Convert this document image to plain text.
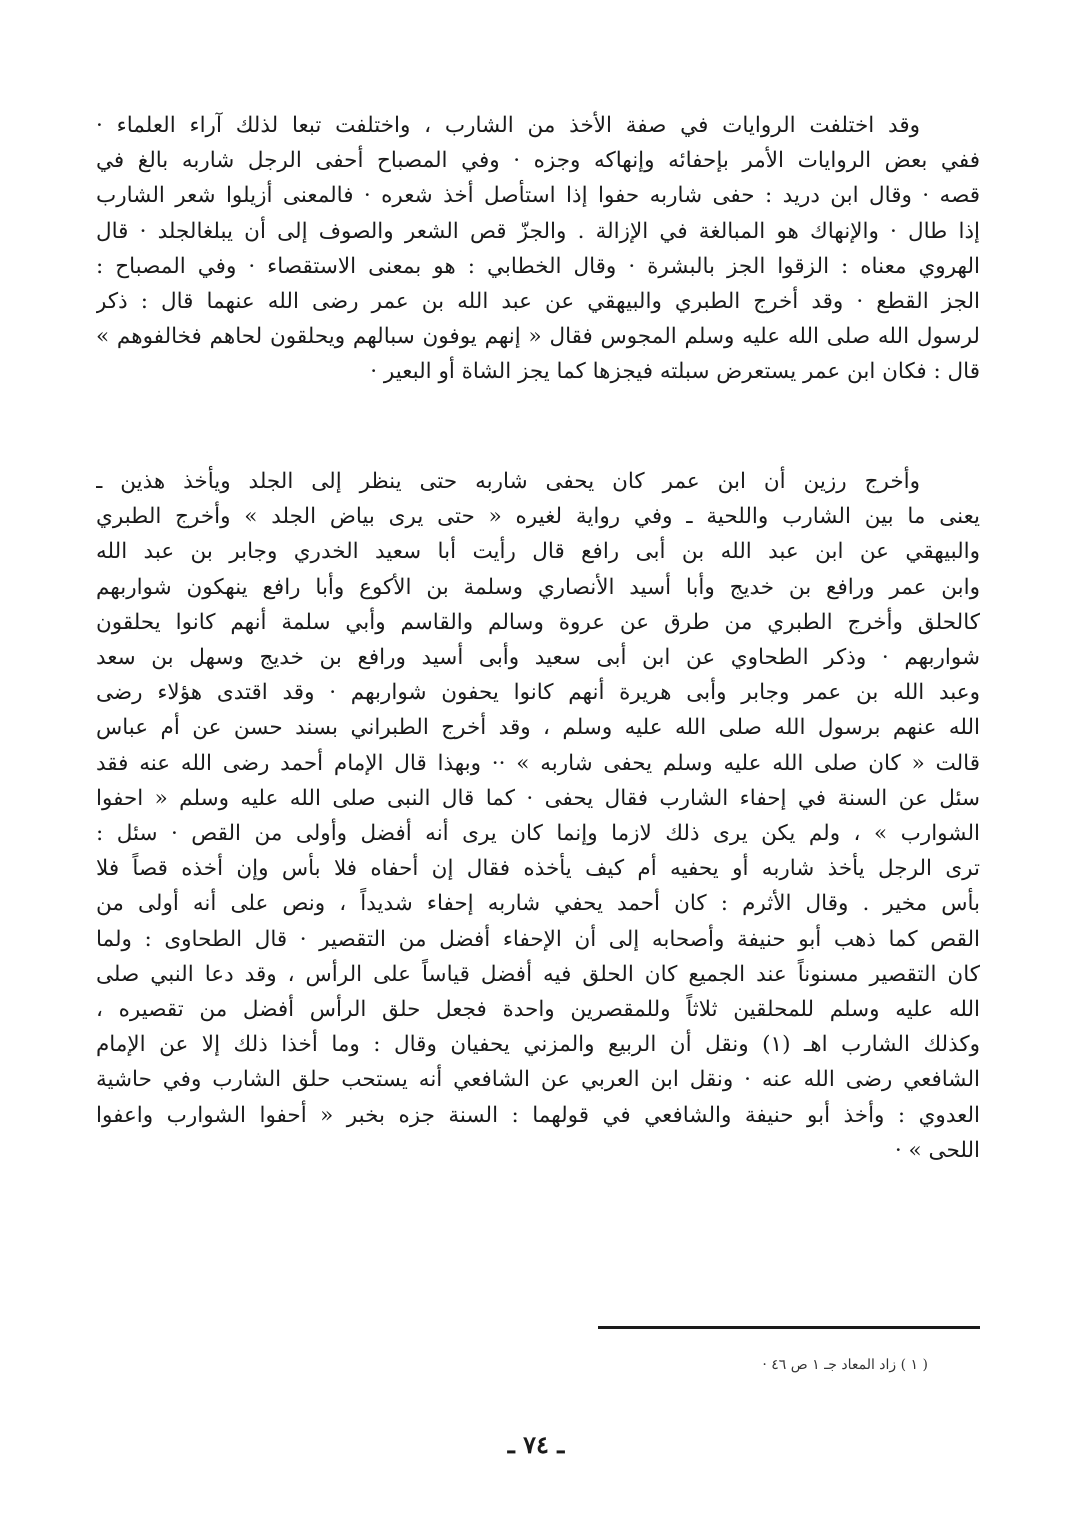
وقد اختلفت الروايات في صفة الأخذ من الشارب ، واختلفت تبعا لذلك آراء العلماء ·
ففي بعض الروايات الأمر بإحفائه وإنهاكه وجزه · وفي المصباح أحفى الرجل شاربه بالغ في
قصه · وقال ابن دريد : حفى شاربه حفوا إذا استأصل أخذ شعره · فالمعنى أزيلوا شعر الشارب
إذا طال · والإنهاك هو المبالغة في الإزالة . والجزّ قص الشعر والصوف إلى أن يبلغالجلد · قال
الهروي معناه : الزقوا الجز بالبشرة · وقال الخطابي : هو بمعنى الاستقصاء · وفي المصباح :
الجز القطع · وقد أخرج الطبري والبيهقي عن عبد الله بن عمر رضى الله عنهما قال : ذكر
لرسول الله صلى الله عليه وسلم المجوس فقال « إنهم يوفون سبالهم ويحلقون لحاهم فخالفوهم »
قال : فكان ابن عمر يستعرض سبلته فيجزها كما يجز الشاة أو البعير ·
وأخرج رزين أن ابن عمر كان يحفى شاربه حتى ينظر إلى الجلد ويأخذ هذين ـ
يعنى ما بين الشارب واللحية ـ وفي رواية لغيره « حتى يرى بياض الجلد » وأخرج الطبري
والبيهقي عن ابن عبد الله بن أبى رافع قال رأيت أبا سعيد الخدري وجابر بن عبد الله
وابن عمر ورافع بن خديج وأبا أسيد الأنصاري وسلمة بن الأكوع وأبا رافع ينهكون شواربهم
كالحلق وأخرج الطبري من طرق عن عروة وسالم والقاسم وأبي سلمة أنهم كانوا يحلقون
شواربهم · وذكر الطحاوي عن ابن أبى سعيد وأبى أسيد ورافع بن خديج وسهل بن سعد
وعبد الله بن عمر وجابر وأبى هريرة أنهم كانوا يحفون شواربهم · وقد اقتدى هؤلاء رضى
الله عنهم برسول الله صلى الله عليه وسلم ، وقد أخرج الطبراني بسند حسن عن أم عباس
قالت « كان صلى الله عليه وسلم يحفى شاربه » ·· وبهذا قال الإمام أحمد رضى الله عنه فقد
سئل عن السنة في إحفاء الشارب فقال يحفى · كما قال النبى صلى الله عليه وسلم « احفوا
الشوارب » ، ولم يكن يرى ذلك لازما وإنما كان يرى أنه أفضل وأولى من القص · سئل :
ترى الرجل يأخذ شاربه أو يحفيه أم كيف يأخذه فقال إن أحفاه فلا بأس وإن أخذه قصاً فلا
بأس مخير . وقال الأثرم : كان أحمد يحفي شاربه إحفاء شديداً ، ونص على أنه أولى من
القص كما ذهب أبو حنيفة وأصحابه إلى أن الإحفاء أفضل من التقصير · قال الطحاوى : ولما
كان التقصير مسنوناً عند الجميع كان الحلق فيه أفضل قياساً على الرأس ، وقد دعا النبي صلى
الله عليه وسلم للمحلقين ثلاثاً وللمقصرين واحدة فجعل حلق الرأس أفضل من تقصيره ،
وكذلك الشارب اهـ (١) ونقل أن الربيع والمزني يحفيان وقال : وما أخذا ذلك إلا عن الإمام
الشافعي رضى الله عنه · ونقل ابن العربي عن الشافعي أنه يستحب حلق الشارب وفي حاشية
العدوي : وأخذ أبو حنيفة والشافعي في قولهما : السنة جزه بخبر « أحفوا الشوارب واعفوا
اللحى » ·
( ١ ) زاد المعاد جـ ١ ص ٤٦ ·
ـ ٧٤ ـ
